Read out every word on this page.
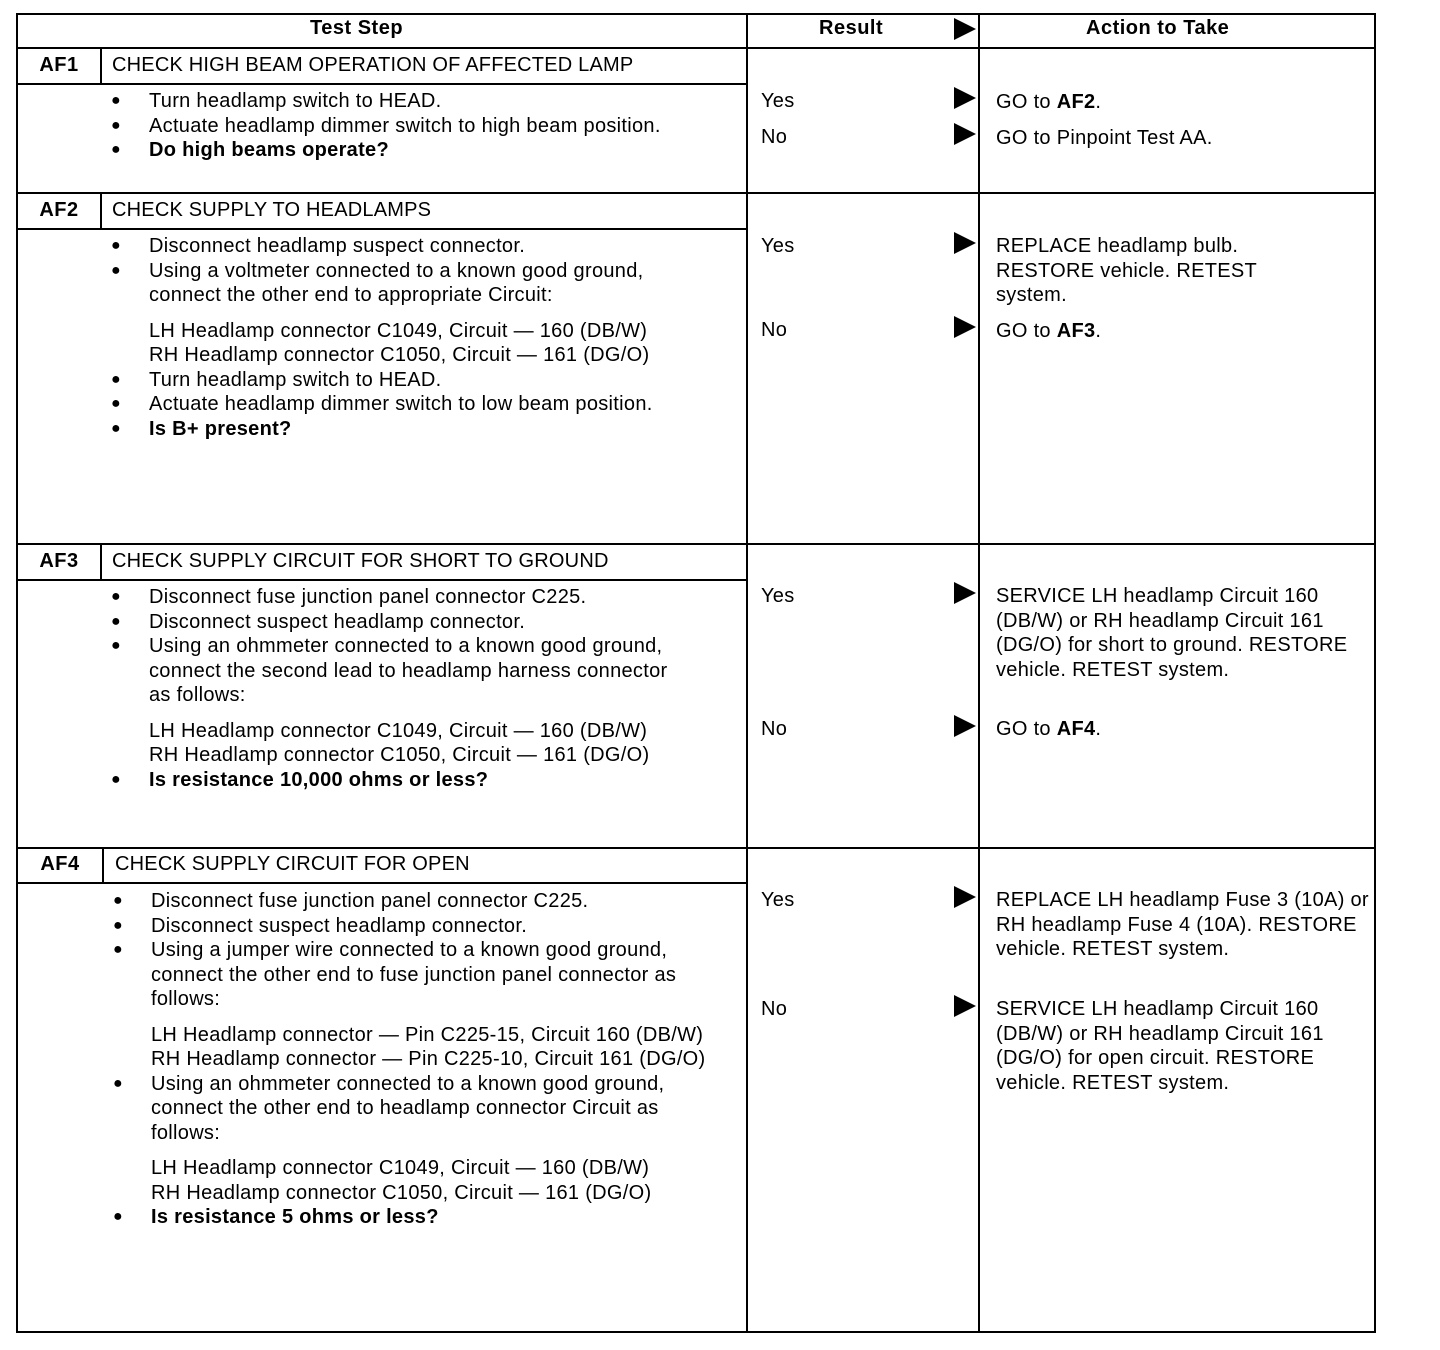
Test Step	Result	Action to Take
AF1	CHECK HIGH BEAM OPERATION OF AFFECTED LAMP
● Turn headlamp switch to HEAD.
● Actuate headlamp dimmer switch to high beam position.
● Do high beams operate?
Yes	GO to AF2.
No	GO to Pinpoint Test AA.
AF2	CHECK SUPPLY TO HEADLAMPS
● Disconnect headlamp suspect connector.
● Using a voltmeter connected to a known good ground, connect the other end to appropriate Circuit:
LH Headlamp connector C1049, Circuit — 160 (DB/W)
RH Headlamp connector C1050, Circuit — 161 (DG/O)
● Turn headlamp switch to HEAD.
● Actuate headlamp dimmer switch to low beam position.
● Is B+ present?
Yes	REPLACE headlamp bulb. RESTORE vehicle. RETEST system.
No	GO to AF3.
AF3	CHECK SUPPLY CIRCUIT FOR SHORT TO GROUND
● Disconnect fuse junction panel connector C225.
● Disconnect suspect headlamp connector.
● Using an ohmmeter connected to a known good ground, connect the second lead to headlamp harness connector as follows:
LH Headlamp connector C1049, Circuit — 160 (DB/W)
RH Headlamp connector C1050, Circuit — 161 (DG/O)
● Is resistance 10,000 ohms or less?
Yes	SERVICE LH headlamp Circuit 160 (DB/W) or RH headlamp Circuit 161 (DG/O) for short to ground. RESTORE vehicle. RETEST system.
No	GO to AF4.
AF4	CHECK SUPPLY CIRCUIT FOR OPEN
● Disconnect fuse junction panel connector C225.
● Disconnect suspect headlamp connector.
● Using a jumper wire connected to a known good ground, connect the other end to fuse junction panel connector as follows:
LH Headlamp connector — Pin C225-15, Circuit 160 (DB/W)
RH Headlamp connector — Pin C225-10, Circuit 161 (DG/O)
● Using an ohmmeter connected to a known good ground, connect the other end to headlamp connector Circuit as follows:
LH Headlamp connector C1049, Circuit — 160 (DB/W)
RH Headlamp connector C1050, Circuit — 161 (DG/O)
● Is resistance 5 ohms or less?
Yes	REPLACE LH headlamp Fuse 3 (10A) or RH headlamp Fuse 4 (10A). RESTORE vehicle. RETEST system.
No	SERVICE LH headlamp Circuit 160 (DB/W) or RH headlamp Circuit 161 (DG/O) for open circuit. RESTORE vehicle. RETEST system.
